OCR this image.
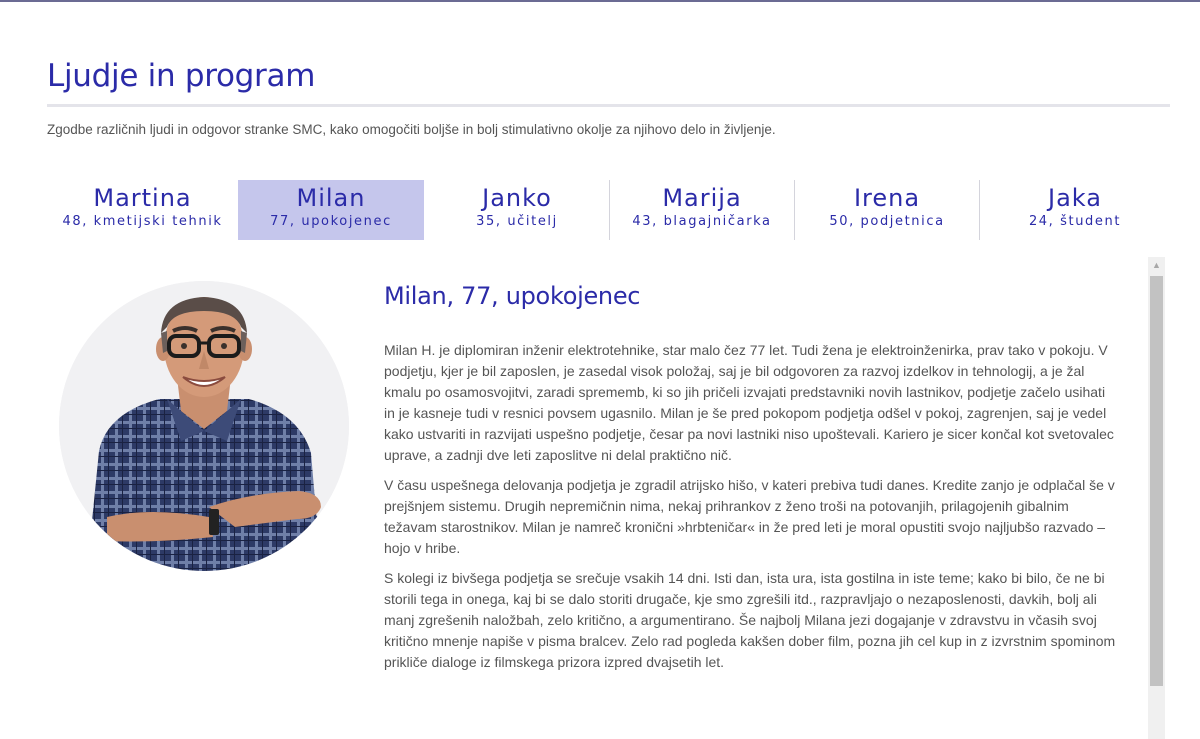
Ljudje in program

Zgodbe različnih ljudi in odgovor stranke SMC, kako omogočiti boljše in bolj stimulativno okolje za njihovo delo in življenje.

Martina
48, kmetijski tehnik
Milan
77, upokojenec
Janko
35, učitelj
Marija
43, blagajničarka
Irena
50, podjetnica
Jaka
24, študent
Milan, 77, upokojenec

Milan H. je diplomiran inženir elektrotehnike, star malo čez 77 let. Tudi žena je elektroinženirka, prav tako v pokoju. V podjetju, kjer je bil zaposlen, je zasedal visok položaj, saj je bil odgovoren za razvoj izdelkov in tehnologij, a je žal kmalu po osamosvojitvi, zaradi sprememb, ki so jih pričeli izvajati predstavniki novih lastnikov, podjetje začelo usihati in je kasneje tudi v resnici povsem ugasnilo. Milan je še pred pokopom podjetja odšel v pokoj, zagrenjen, saj je vedel kako ustvariti in razvijati uspešno podjetje, česar pa novi lastniki niso upoštevali. Kariero je sicer končal kot svetovalec uprave, a zadnji dve leti zaposlitve ni delal praktično nič.

V času uspešnega delovanja podjetja je zgradil atrijsko hišo, v kateri prebiva tudi danes. Kredite zanjo je odplačal še v prejšnjem sistemu. Drugih nepremičnin nima, nekaj prihrankov z ženo troši na potovanjih, prilagojenih gibalnim težavam starostnikov. Milan je namreč kronični »hrbteničar« in že pred leti je moral opustiti svojo najljubšo razvado – hojo v hribe.

S kolegi iz bivšega podjetja se srečuje vsakih 14 dni. Isti dan, ista ura, ista gostilna in iste teme; kako bi bilo, če ne bi storili tega in onega, kaj bi se dalo storiti drugače, kje smo zgrešili itd., razpravljajo o nezaposlenosti, davkih, bolj ali manj zgrešenih naložbah, zelo kritično, a argumentirano. Še najbolj Milana jezi dogajanje v zdravstvu in včasih svoj kritično mnenje napiše v pisma bralcev. Zelo rad pogleda kakšen dober film, pozna jih cel kup in z izvrstnim spominom prikliče dialoge iz filmskega prizora izpred dvajsetih let.

▲
